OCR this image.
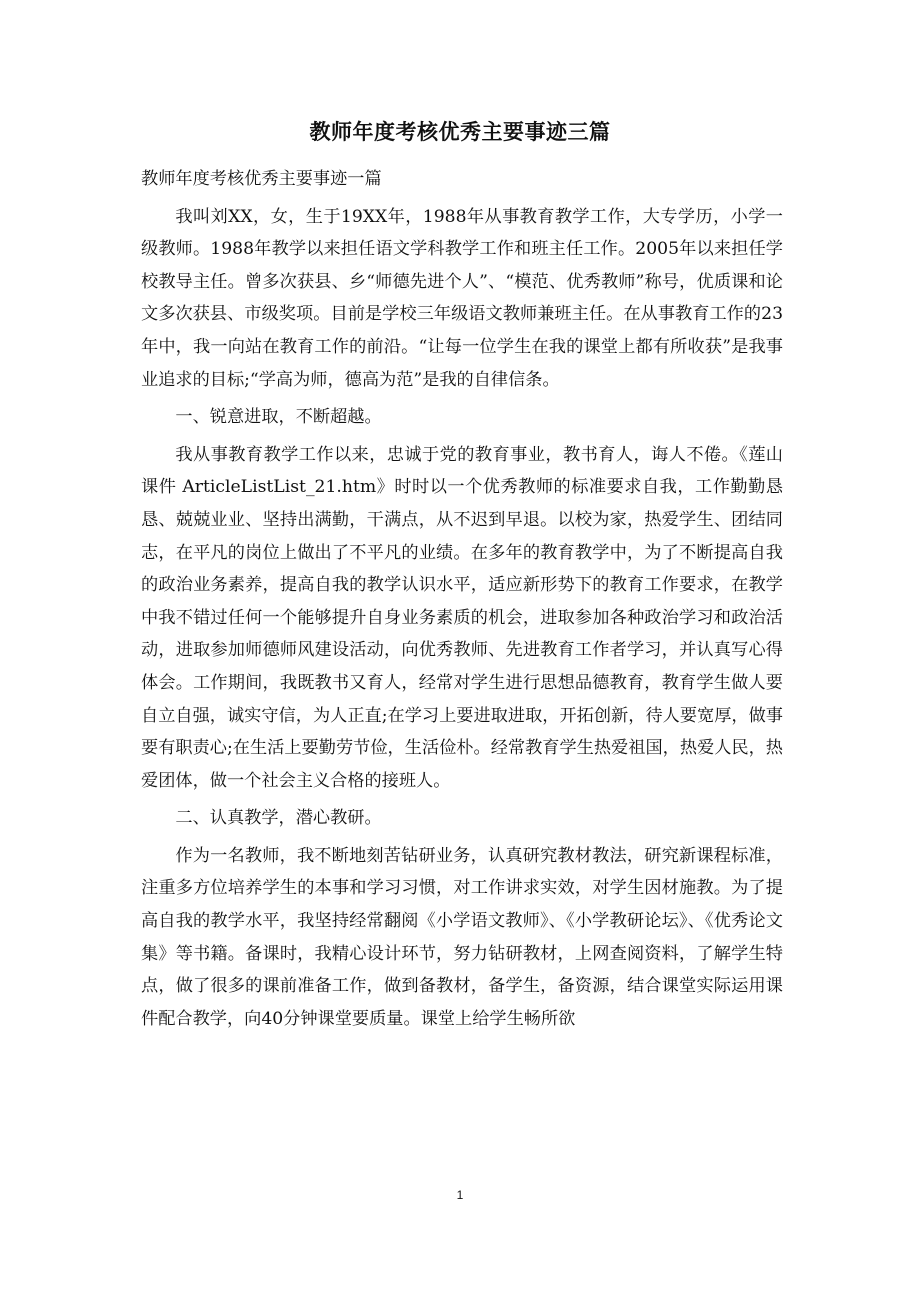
教师年度考核优秀主要事迹三篇

教师年度考核优秀主要事迹一篇

我叫刘XX，女，生于19XX年，1988年从事教育教学工作，大专学历，小学一级教师。1988年教学以来担任语文学科教学工作和班主任工作。2005年以来担任学校教导主任。曾多次获县、乡“师德先进个人”、“模范、优秀教师”称号，优质课和论文多次获县、市级奖项。目前是学校三年级语文教师兼班主任。在从事教育工作的23年中，我一向站在教育工作的前沿。“让每一位学生在我的课堂上都有所收获”是我事业追求的目标;“学高为师，德高为范”是我的自律信条。

一、锐意进取，不断超越。

我从事教育教学工作以来，忠诚于党的教育事业，教书育人，诲人不倦。《莲山课件 ArticleListList_21.htm》时时以一个优秀教师的标准要求自我，工作勤勤恳恳、兢兢业业、坚持出满勤，干满点，从不迟到早退。以校为家，热爱学生、团结同志，在平凡的岗位上做出了不平凡的业绩。在多年的教育教学中，为了不断提高自我的政治业务素养，提高自我的教学认识水平，适应新形势下的教育工作要求，在教学中我不错过任何一个能够提升自身业务素质的机会，进取参加各种政治学习和政治活动，进取参加师德师风建设活动，向优秀教师、先进教育工作者学习，并认真写心得体会。工作期间，我既教书又育人，经常对学生进行思想品德教育，教育学生做人要自立自强，诚实守信，为人正直;在学习上要进取进取，开拓创新，待人要宽厚，做事要有职责心;在生活上要勤劳节俭，生活俭朴。经常教育学生热爱祖国，热爱人民，热爱团体，做一个社会主义合格的接班人。

二、认真教学，潜心教研。

作为一名教师，我不断地刻苦钻研业务，认真研究教材教法，研究新课程标准，注重多方位培养学生的本事和学习习惯，对工作讲求实效，对学生因材施教。为了提高自我的教学水平，我坚持经常翻阅《小学语文教师》、《小学教研论坛》、《优秀论文集》等书籍。备课时，我精心设计环节，努力钻研教材，上网查阅资料，了解学生特点，做了很多的课前准备工作，做到备教材，备学生，备资源，结合课堂实际运用课件配合教学，向40分钟课堂要质量。课堂上给学生畅所欲

1
